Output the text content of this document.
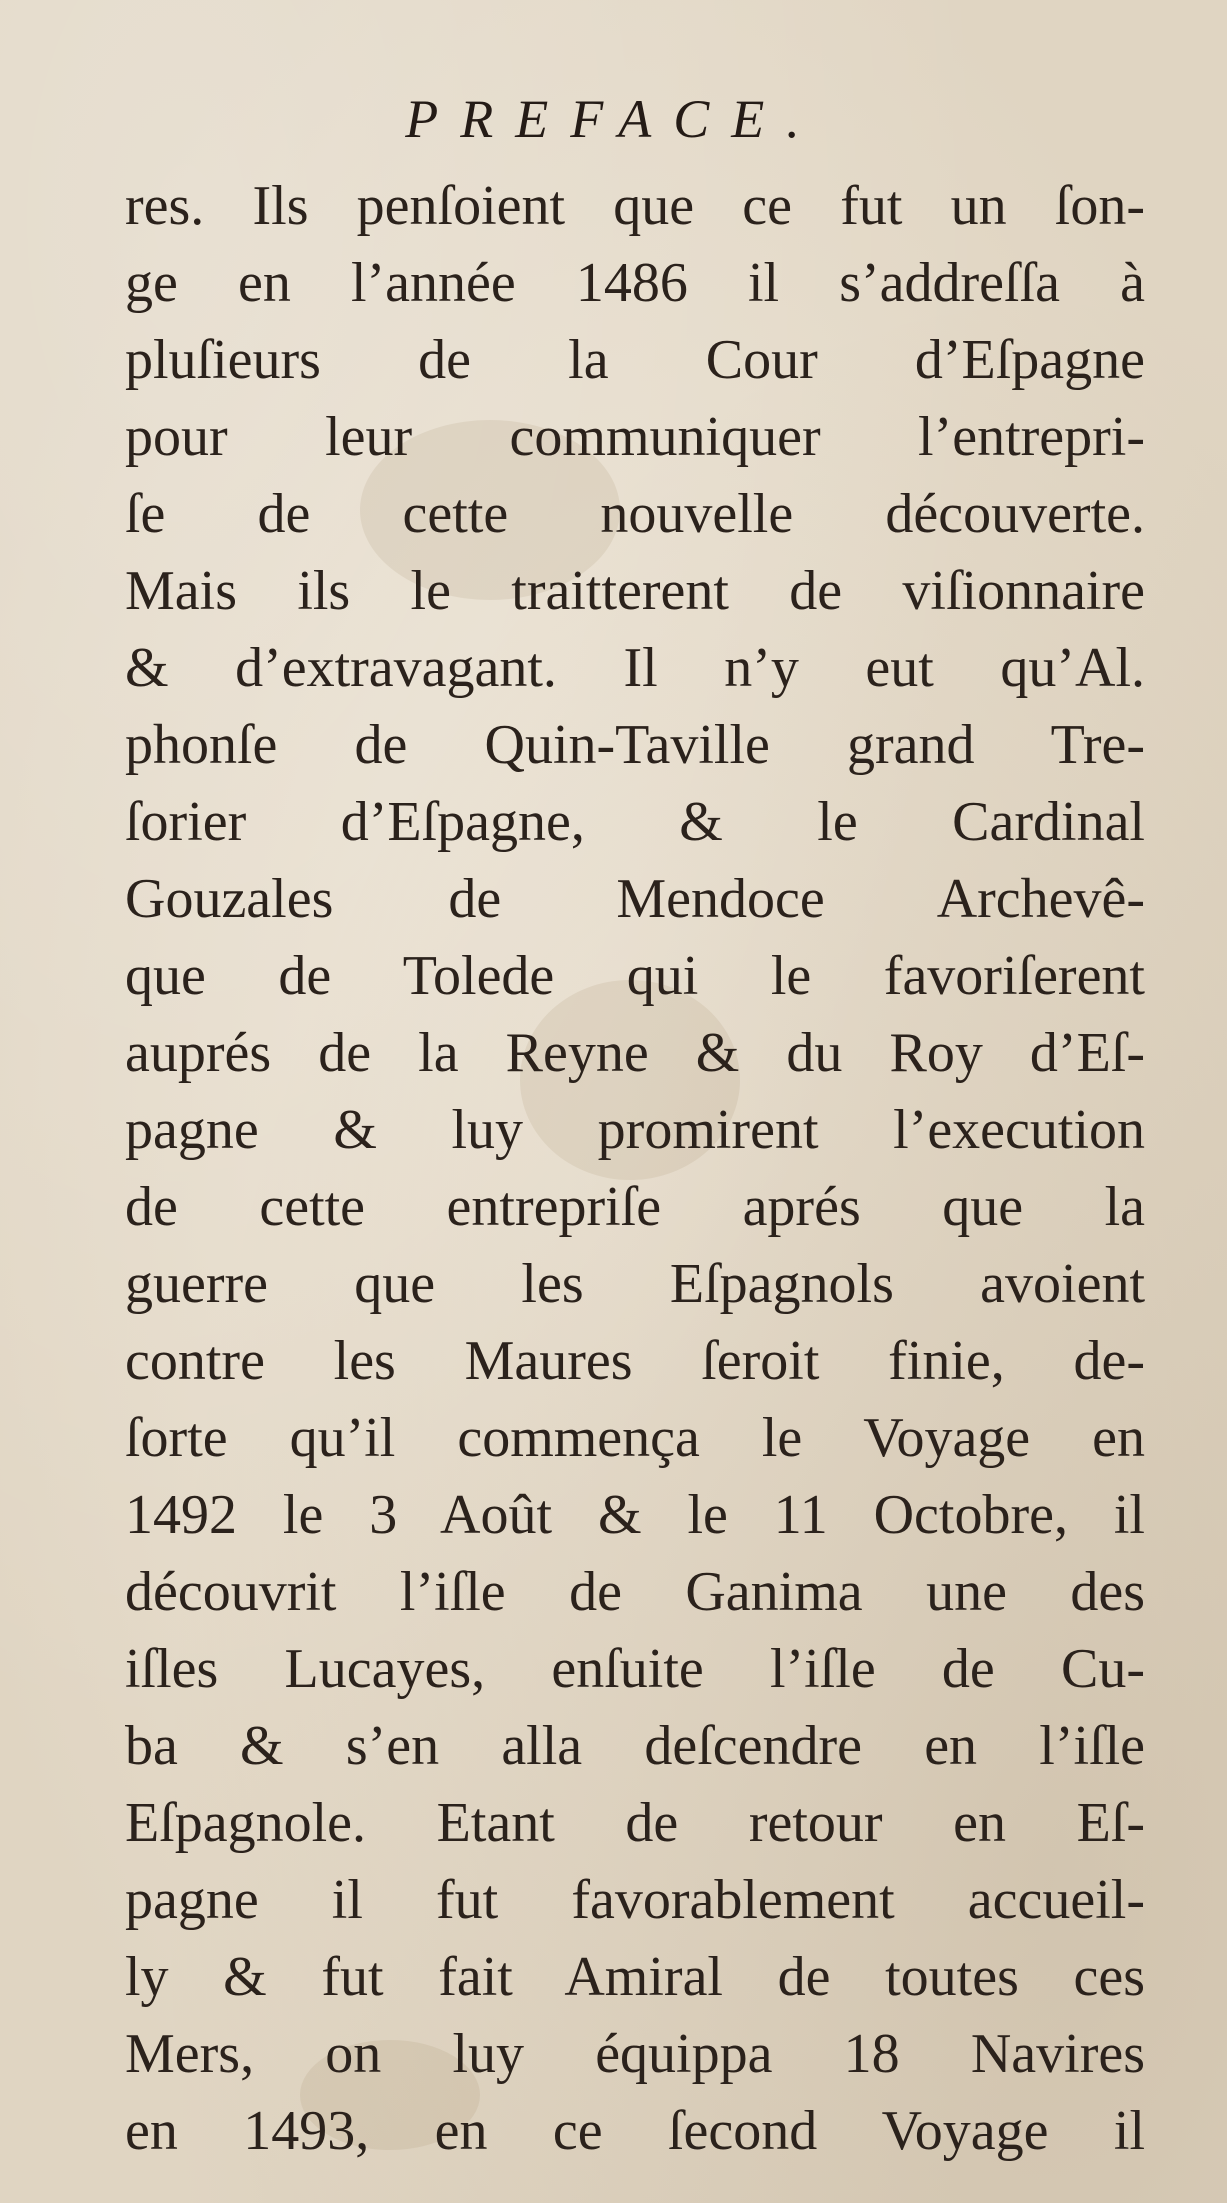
PREFACE.
res. Ils penſoient que ce fut un ſon-
ge en l’année 1486 il s’addreſſa à
pluſieurs de la Cour d’Eſpagne
pour leur communiquer l’entrepri-
ſe de cette nouvelle découverte.
Mais ils le traitterent de viſionnaire
& d’extravagant. Il n’y eut qu’Al.
phonſe de Quin-Taville grand Tre-
ſorier d’Eſpagne, & le Cardinal
Gouzales de Mendoce Archevê-
que de Tolede qui le favoriſerent
auprés de la Reyne & du Roy d’Eſ-
pagne & luy promirent l’execution
de cette entrepriſe aprés que la
guerre que les Eſpagnols avoient
contre les Maures ſeroit finie, de-
ſorte qu’il commença le Voyage en
1492 le 3 Août & le 11 Octobre, il
découvrit l’iſle de Ganima une des
iſles Lucayes, enſuite l’iſle de Cu-
ba & s’en alla deſcendre en l’iſle
Eſpagnole. Etant de retour en Eſ-
pagne il fut favorablement accueil-
ly & fut fait Amiral de toutes ces
Mers, on luy équippa 18 Navires
en 1493, en ce ſecond Voyage il
